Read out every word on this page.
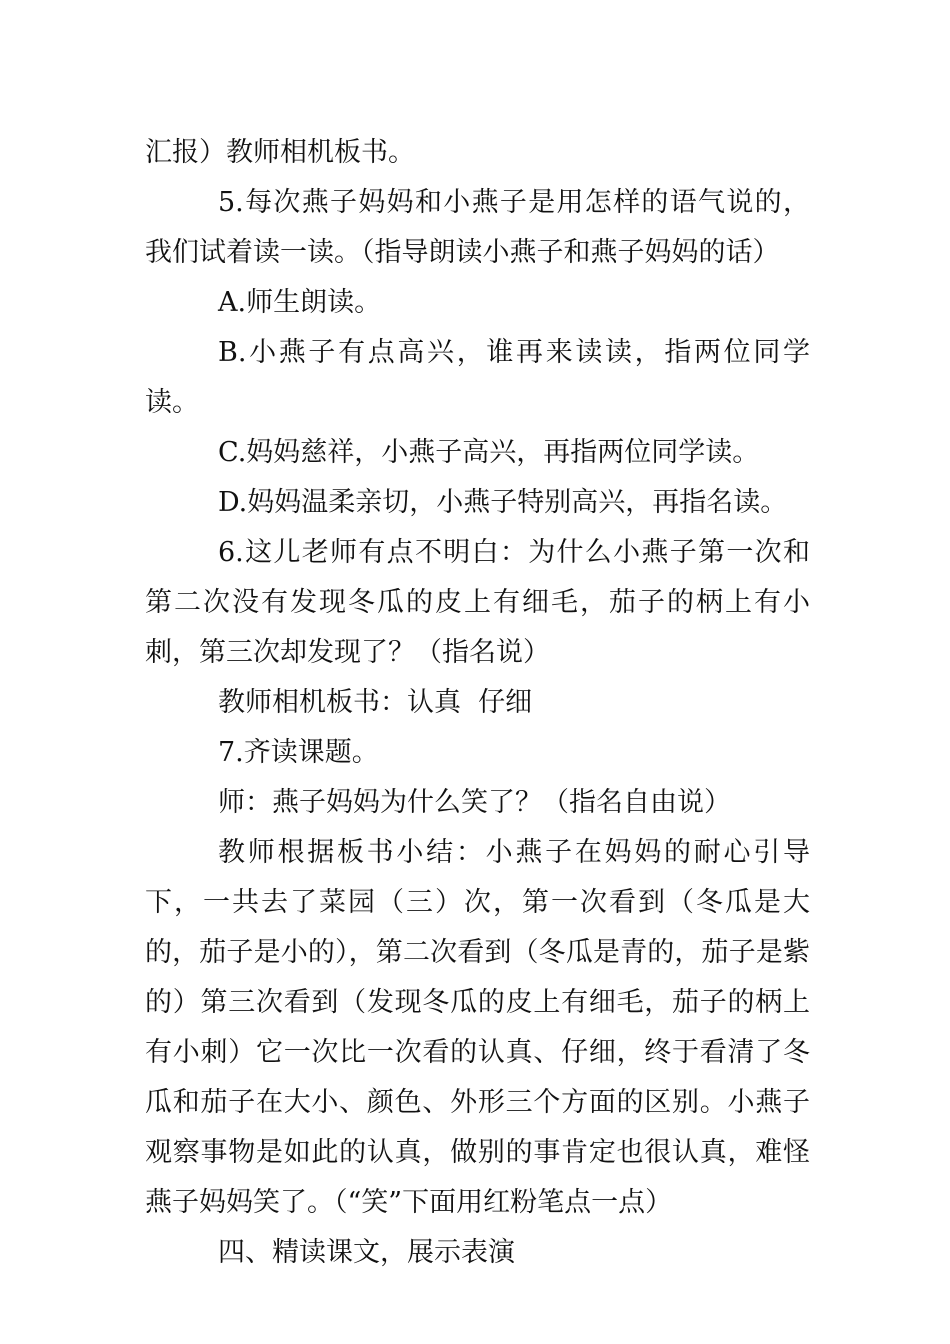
汇报）教师相机板书。

5.每次燕子妈妈和小燕子是用怎样的语气说的，我们试着读一读。（指导朗读小燕子和燕子妈妈的话）

A.师生朗读。

B.小燕子有点高兴，谁再来读读，指两位同学读。

C.妈妈慈祥，小燕子高兴，再指两位同学读。

D.妈妈温柔亲切，小燕子特别高兴，再指名读。

6.这儿老师有点不明白：为什么小燕子第一次和第二次没有发现冬瓜的皮上有细毛，茄子的柄上有小刺，第三次却发现了？（指名说）

教师相机板书：认真  仔细

7.齐读课题。

师：燕子妈妈为什么笑了？（指名自由说）

教师根据板书小结：小燕子在妈妈的耐心引导下，一共去了菜园（三）次，第一次看到（冬瓜是大的，茄子是小的），第二次看到（冬瓜是青的，茄子是紫的）第三次看到（发现冬瓜的皮上有细毛，茄子的柄上有小刺）它一次比一次看的认真、仔细，终于看清了冬瓜和茄子在大小、颜色、外形三个方面的区别。小燕子观察事物是如此的认真，做别的事肯定也很认真，难怪燕子妈妈笑了。（“笑”下面用红粉笔点一点）

四、精读课文，展示表演
